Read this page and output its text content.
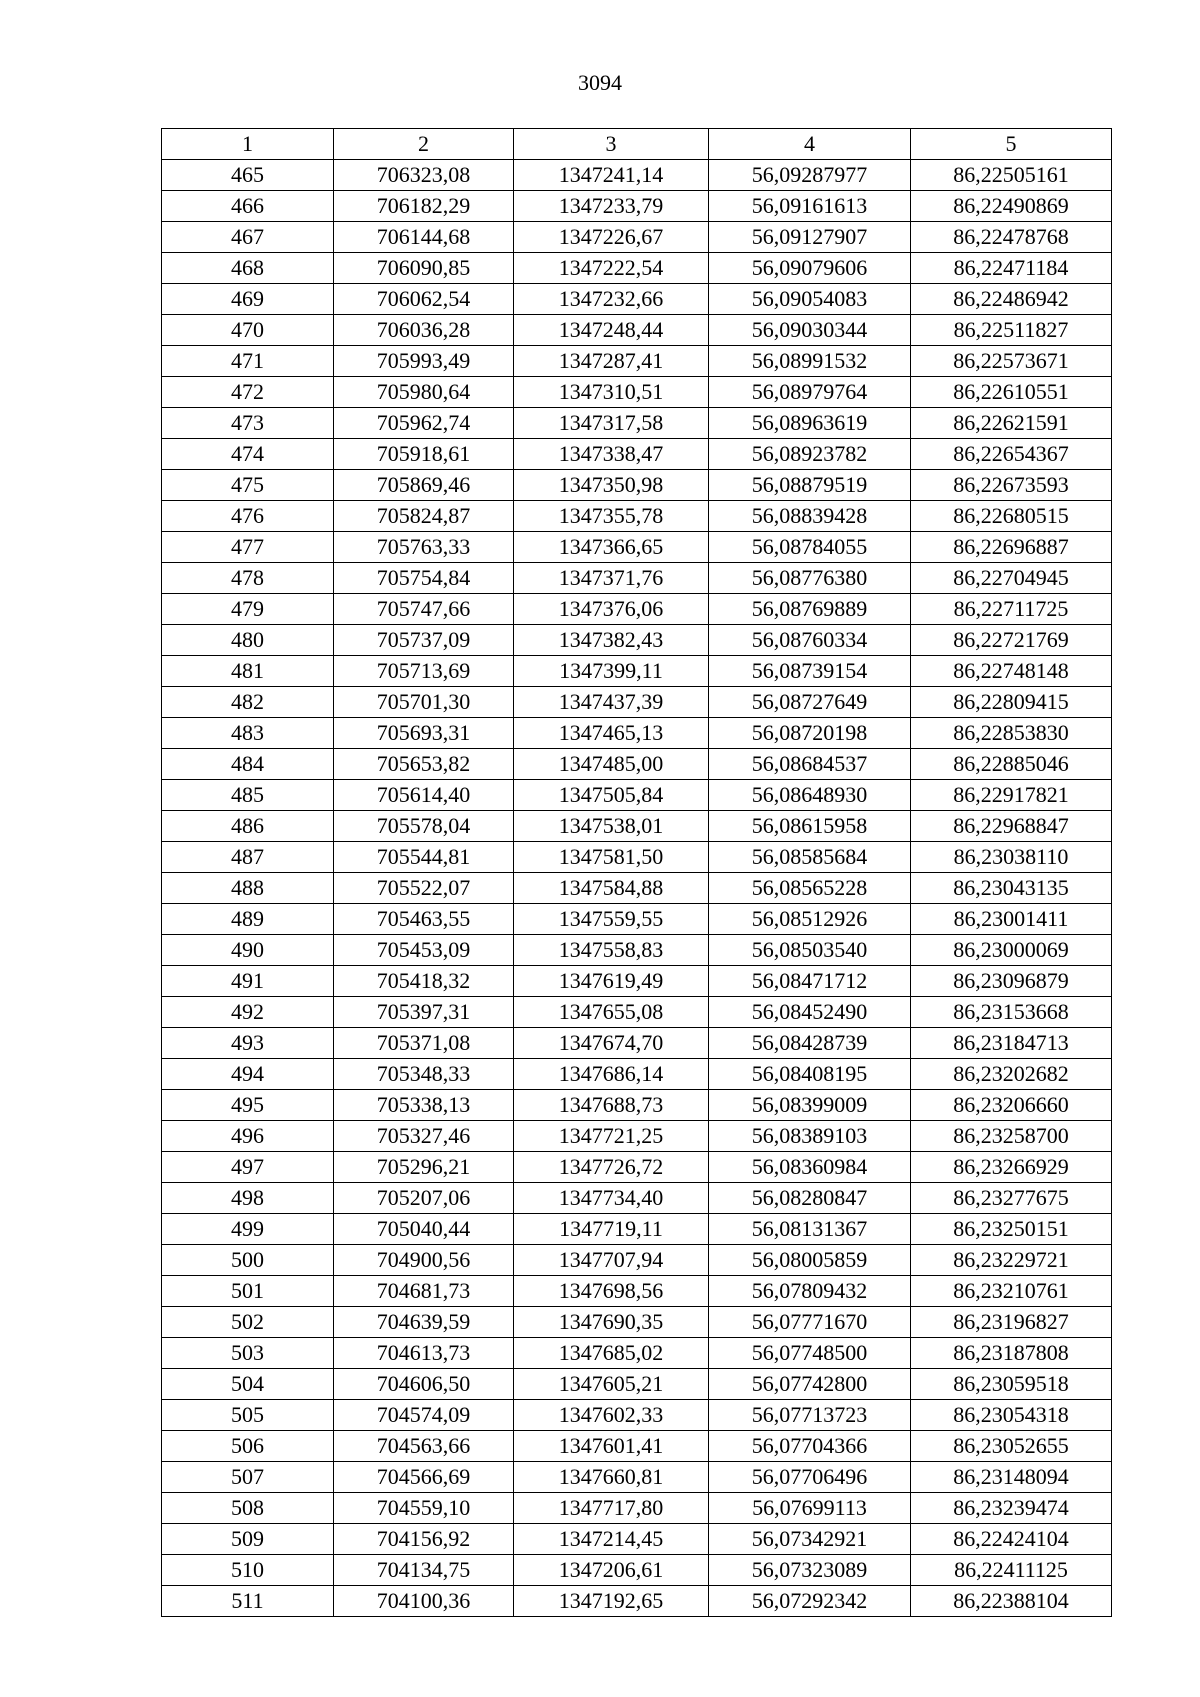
3094
1	2	3	4	5
465	706323,08	1347241,14	56,09287977	86,22505161
466	706182,29	1347233,79	56,09161613	86,22490869
467	706144,68	1347226,67	56,09127907	86,22478768
468	706090,85	1347222,54	56,09079606	86,22471184
469	706062,54	1347232,66	56,09054083	86,22486942
470	706036,28	1347248,44	56,09030344	86,22511827
471	705993,49	1347287,41	56,08991532	86,22573671
472	705980,64	1347310,51	56,08979764	86,22610551
473	705962,74	1347317,58	56,08963619	86,22621591
474	705918,61	1347338,47	56,08923782	86,22654367
475	705869,46	1347350,98	56,08879519	86,22673593
476	705824,87	1347355,78	56,08839428	86,22680515
477	705763,33	1347366,65	56,08784055	86,22696887
478	705754,84	1347371,76	56,08776380	86,22704945
479	705747,66	1347376,06	56,08769889	86,22711725
480	705737,09	1347382,43	56,08760334	86,22721769
481	705713,69	1347399,11	56,08739154	86,22748148
482	705701,30	1347437,39	56,08727649	86,22809415
483	705693,31	1347465,13	56,08720198	86,22853830
484	705653,82	1347485,00	56,08684537	86,22885046
485	705614,40	1347505,84	56,08648930	86,22917821
486	705578,04	1347538,01	56,08615958	86,22968847
487	705544,81	1347581,50	56,08585684	86,23038110
488	705522,07	1347584,88	56,08565228	86,23043135
489	705463,55	1347559,55	56,08512926	86,23001411
490	705453,09	1347558,83	56,08503540	86,23000069
491	705418,32	1347619,49	56,08471712	86,23096879
492	705397,31	1347655,08	56,08452490	86,23153668
493	705371,08	1347674,70	56,08428739	86,23184713
494	705348,33	1347686,14	56,08408195	86,23202682
495	705338,13	1347688,73	56,08399009	86,23206660
496	705327,46	1347721,25	56,08389103	86,23258700
497	705296,21	1347726,72	56,08360984	86,23266929
498	705207,06	1347734,40	56,08280847	86,23277675
499	705040,44	1347719,11	56,08131367	86,23250151
500	704900,56	1347707,94	56,08005859	86,23229721
501	704681,73	1347698,56	56,07809432	86,23210761
502	704639,59	1347690,35	56,07771670	86,23196827
503	704613,73	1347685,02	56,07748500	86,23187808
504	704606,50	1347605,21	56,07742800	86,23059518
505	704574,09	1347602,33	56,07713723	86,23054318
506	704563,66	1347601,41	56,07704366	86,23052655
507	704566,69	1347660,81	56,07706496	86,23148094
508	704559,10	1347717,80	56,07699113	86,23239474
509	704156,92	1347214,45	56,07342921	86,22424104
510	704134,75	1347206,61	56,07323089	86,22411125
511	704100,36	1347192,65	56,07292342	86,22388104
